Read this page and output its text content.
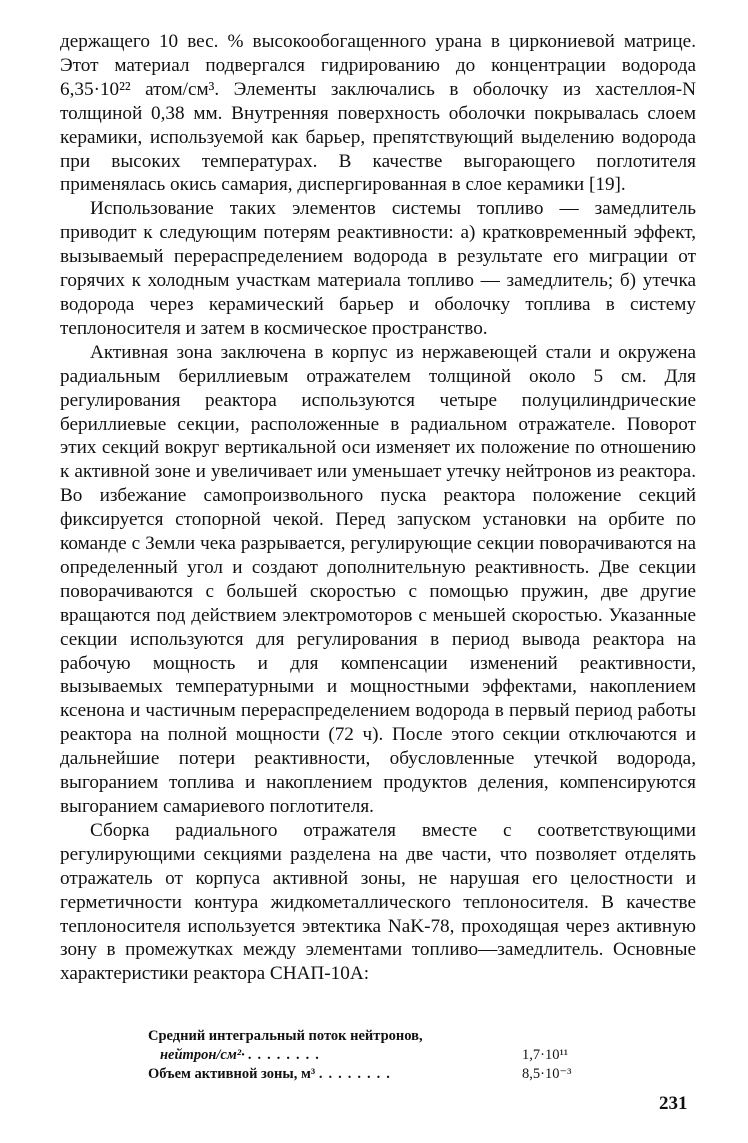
держащего 10 вес. % высокообогащенного урана в циркониевой матрице. Этот материал подвергался гидрированию до концентрации водорода 6,35·10²² атом/см³. Элементы заключались в оболочку из хастеллоя-N толщиной 0,38 мм. Внутренняя поверхность оболочки покрывалась слоем керамики, используемой как барьер, препятствующий выделению водорода при высоких температурах. В качестве выгорающего поглотителя применялась окись самария, диспергированная в слое керамики [19].

Использование таких элементов системы топливо — замедлитель приводит к следующим потерям реактивности: а) кратковременный эффект, вызываемый перераспределением водорода в результате его миграции от горячих к холодным участкам материала топливо — замедлитель; б) утечка водорода через керамический барьер и оболочку топлива в систему теплоносителя и затем в космическое пространство.

Активная зона заключена в корпус из нержавеющей стали и окружена радиальным бериллиевым отражателем толщиной около 5 см. Для регулирования реактора используются четыре полуцилиндрические бериллиевые секции, расположенные в радиальном отражателе. Поворот этих секций вокруг вертикальной оси изменяет их положение по отношению к активной зоне и увеличивает или уменьшает утечку нейтронов из реактора. Во избежание самопроизвольного пуска реактора положение секций фиксируется стопорной чекой. Перед запуском установки на орбите по команде с Земли чека разрывается, регулирующие секции поворачиваются на определенный угол и создают дополнительную реактивность. Две секции поворачиваются с большей скоростью с помощью пружин, две другие вращаются под действием электромоторов с меньшей скоростью. Указанные секции используются для регулирования в период вывода реактора на рабочую мощность и для компенсации изменений реактивности, вызываемых температурными и мощностными эффектами, накоплением ксенона и частичным перераспределением водорода в первый период работы реактора на полной мощности (72 ч). После этого секции отключаются и дальнейшие потери реактивности, обусловленные утечкой водорода, выгоранием топлива и накоплением продуктов деления, компенсируются выгоранием самариевого поглотителя.

Сборка радиального отражателя вместе с соответствующими регулирующими секциями разделена на две части, что позволяет отделять отражатель от корпуса активной зоны, не нарушая его целостности и герметичности контура жидкометаллического теплоносителя. В качестве теплоносителя используется эвтектика NaK-78, проходящая через активную зону в промежутках между элементами топливо—замедлитель. Основные характеристики реактора СНАП-10А:

Средний интегральный поток нейтронов,
нейтрон/см²· ........	1,7·10¹¹
Объем активной зоны, м³ ........	8,5·10⁻³
231
